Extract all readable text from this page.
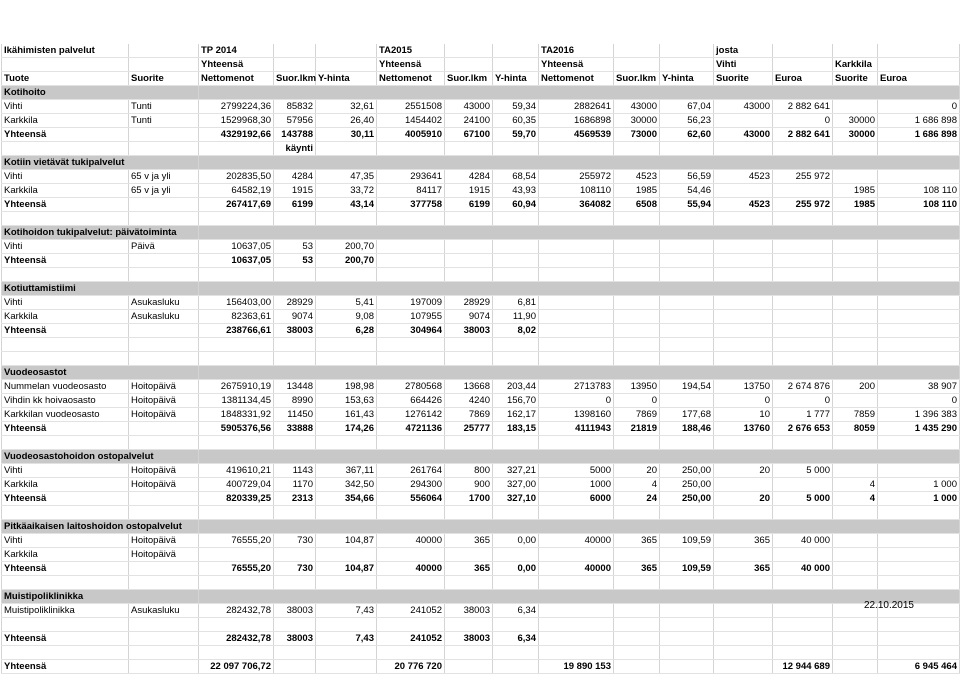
Ikähimisten palvelut		TP 2014			TA2015			TA2016			josta			
		Yhteensä			Yhteensä			Yhteensä			Vihti		Karkkila	
Tuote	Suorite	Nettomenot	Suor.lkm	Y-hinta	Nettomenot	Suor.lkm	Y-hinta	Nettomenot	Suor.lkm	Y-hinta	Suorite	Euroa	Suorite	Euroa
Kotihoito														
Vihti	Tunti	2799224,36	85832	32,61	2551508	43000	59,34	2882641	43000	67,04	43000	2 882 641		0
Karkkila	Tunti	1529968,30	57956	26,40	1454402	24100	60,35	1686898	30000	56,23		0	30000	1 686 898
Yhteensä		4329192,66	143788	30,11	4005910	67100	59,70	4569539	73000	62,60	43000	2 882 641	30000	1 686 898
			käynti											
Kotiin vietävät tukipalvelut														
Vihti	65 v ja yli	202835,50	4284	47,35	293641	4284	68,54	255972	4523	56,59	4523	255 972		
Karkkila	65 v ja yli	64582,19	1915	33,72	84117	1915	43,93	108110	1985	54,46			1985	108 110
Yhteensä		267417,69	6199	43,14	377758	6199	60,94	364082	6508	55,94	4523	255 972	1985	108 110

Kotihoidon tukipalvelut: päivätoiminta														
Vihti	Päivä	10637,05	53	200,70										
Yhteensä		10637,05	53	200,70										

Kotiuttamistiimi														
Vihti	Asukasluku	156403,00	28929	5,41	197009	28929	6,81							
Karkkila	Asukasluku	82363,61	9074	9,08	107955	9074	11,90							
Yhteensä		238766,61	38003	6,28	304964	38003	8,02							

Vuodeosastot														
Nummelan vuodeosasto	Hoitopäivä	2675910,19	13448	198,98	2780568	13668	203,44	2713783	13950	194,54	13750	2 674 876	200	38 907
Vihdin kk hoivaosasto	Hoitopäivä	1381134,45	8990	153,63	664426	4240	156,70	0	0		0	0		0
Karkkilan vuodeosasto	Hoitopäivä	1848331,92	11450	161,43	1276142	7869	162,17	1398160	7869	177,68	10	1 777	7859	1 396 383
Yhteensä		5905376,56	33888	174,26	4721136	25777	183,15	4111943	21819	188,46	13760	2 676 653	8059	1 435 290

Vuodeosastohoidon ostopalvelut														
Vihti	Hoitopäivä	419610,21	1143	367,11	261764	800	327,21	5000	20	250,00	20	5 000		
Karkkila	Hoitopäivä	400729,04	1170	342,50	294300	900	327,00	1000	4	250,00			4	1 000
Yhteensä		820339,25	2313	354,66	556064	1700	327,10	6000	24	250,00	20	5 000	4	1 000

Pitkäaikaisen laitoshoidon ostopalvelut														
Vihti	Hoitopäivä	76555,20	730	104,87	40000	365	0,00	40000	365	109,59	365	40 000		
Karkkila	Hoitopäivä													
Yhteensä		76555,20	730	104,87	40000	365	0,00	40000	365	109,59	365	40 000		

Muistipoliklinikka														
Muistipoliklinikka	Asukasluku	282432,78	38003	7,43	241052	38003	6,34							

Yhteensä		282432,78	38003	7,43	241052	38003	6,34							

Yhteensä		22 097 706,72			20 776 720			19 890 153				12 944 689		6 945 464
22.10.2015
